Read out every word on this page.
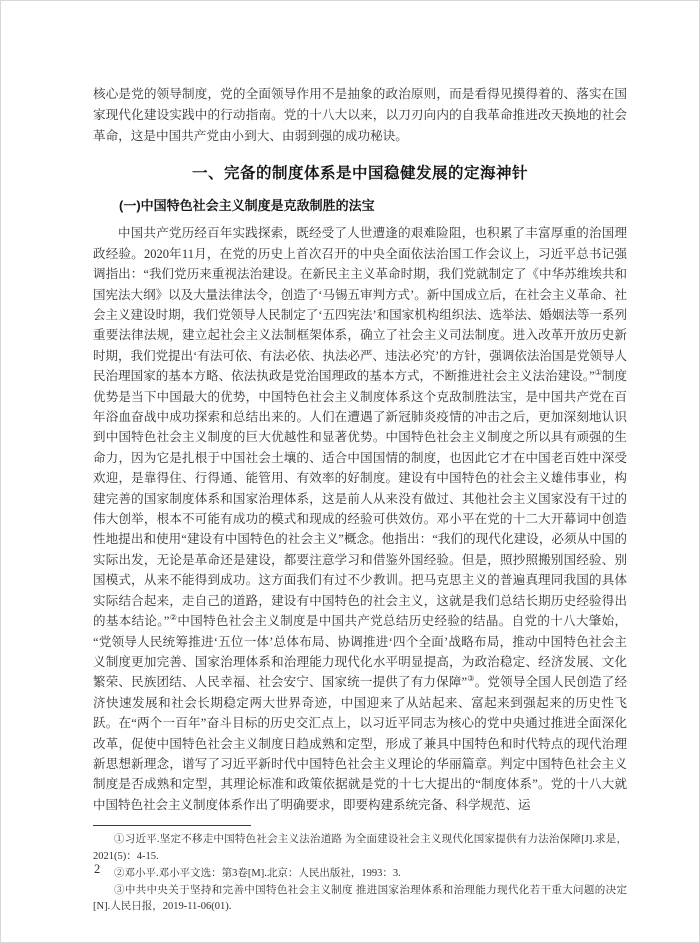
核心是党的领导制度，党的全面领导作用不是抽象的政治原则，而是看得见摸得着的、落实在国家现代化建设实践中的行动指南。党的十八大以来，以刀刃向内的自我革命推进改天换地的社会革命，这是中国共产党由小到大、由弱到强的成功秘诀。

一、完备的制度体系是中国稳健发展的定海神针
(一)中国特色社会主义制度是克敌制胜的法宝

中国共产党历经百年实践探索，既经受了人世遭逢的艰难险阻，也积累了丰富厚重的治国理政经验。2020年11月，在党的历史上首次召开的中央全面依法治国工作会议上，习近平总书记强调指出：“我们党历来重视法治建设。在新民主主义革命时期，我们党就制定了《中华苏维埃共和国宪法大纲》以及大量法律法令，创造了‘马锡五审判方式’。新中国成立后，在社会主义革命、社会主义建设时期，我们党领导人民制定了‘五四宪法’和国家机构组织法、选举法、婚姻法等一系列重要法律法规，建立起社会主义法制框架体系，确立了社会主义司法制度。进入改革开放历史新时期，我们党提出‘有法可依、有法必依、执法必严、违法必究’的方针，强调依法治国是党领导人民治理国家的基本方略、依法执政是党治国理政的基本方式，不断推进社会主义法治建设。”①制度优势是当下中国最大的优势，中国特色社会主义制度体系这个克敌制胜法宝，是中国共产党在百年浴血奋战中成功探索和总结出来的。人们在遭遇了新冠肺炎疫情的冲击之后，更加深刻地认识到中国特色社会主义制度的巨大优越性和显著优势。中国特色社会主义制度之所以具有顽强的生命力，因为它是扎根于中国社会土壤的、适合中国国情的制度，也因此它才在中国老百姓中深受欢迎，是靠得住、行得通、能管用、有效率的好制度。建设有中国特色的社会主义雄伟事业，构建完善的国家制度体系和国家治理体系，这是前人从来没有做过、其他社会主义国家没有干过的伟大创举，根本不可能有成功的模式和现成的经验可供效仿。邓小平在党的十二大开幕词中创造性地提出和使用“建设有中国特色的社会主义”概念。他指出：“我们的现代化建设，必须从中国的实际出发，无论是革命还是建设，都要注意学习和借鉴外国经验。但是，照抄照搬别国经验、别国模式，从来不能得到成功。这方面我们有过不少教训。把马克思主义的普遍真理同我国的具体实际结合起来，走自己的道路，建设有中国特色的社会主义，这就是我们总结长期历史经验得出的基本结论。”②中国特色社会主义制度是中国共产党总结历史经验的结晶。自党的十八大肇始，“党领导人民统筹推进‘五位一体’总体布局、协调推进‘四个全面’战略布局，推动中国特色社会主义制度更加完善、国家治理体系和治理能力现代化水平明显提高，为政治稳定、经济发展、文化繁荣、民族团结、人民幸福、社会安宁、国家统一提供了有力保障”③。党领导全国人民创造了经济快速发展和社会长期稳定两大世界奇迹，中国迎来了从站起来、富起来到强起来的历史性飞跃。在“两个一百年”奋斗目标的历史交汇点上，以习近平同志为核心的党中央通过推进全面深化改革，促使中国特色社会主义制度日趋成熟和定型，形成了兼具中国特色和时代特点的现代治理新思想新理念，谱写了习近平新时代中国特色社会主义理论的华丽篇章。判定中国特色社会主义制度是否成熟和定型，其理论标准和政策依据就是党的十七大提出的“制度体系”。党的十八大就中国特色社会主义制度体系作出了明确要求，即要构建系统完备、科学规范、运

①习近平.坚定不移走中国特色社会主义法治道路 为全面建设社会主义现代化国家提供有力法治保障[J].求是，2021(5)：4-15.

②邓小平.邓小平文选：第3卷[M].北京：人民出版社，1993：3.

③中共中央关于坚持和完善中国特色社会主义制度 推进国家治理体系和治理能力现代化若干重大问题的决定[N].人民日报，2019-11-06(01).

2
